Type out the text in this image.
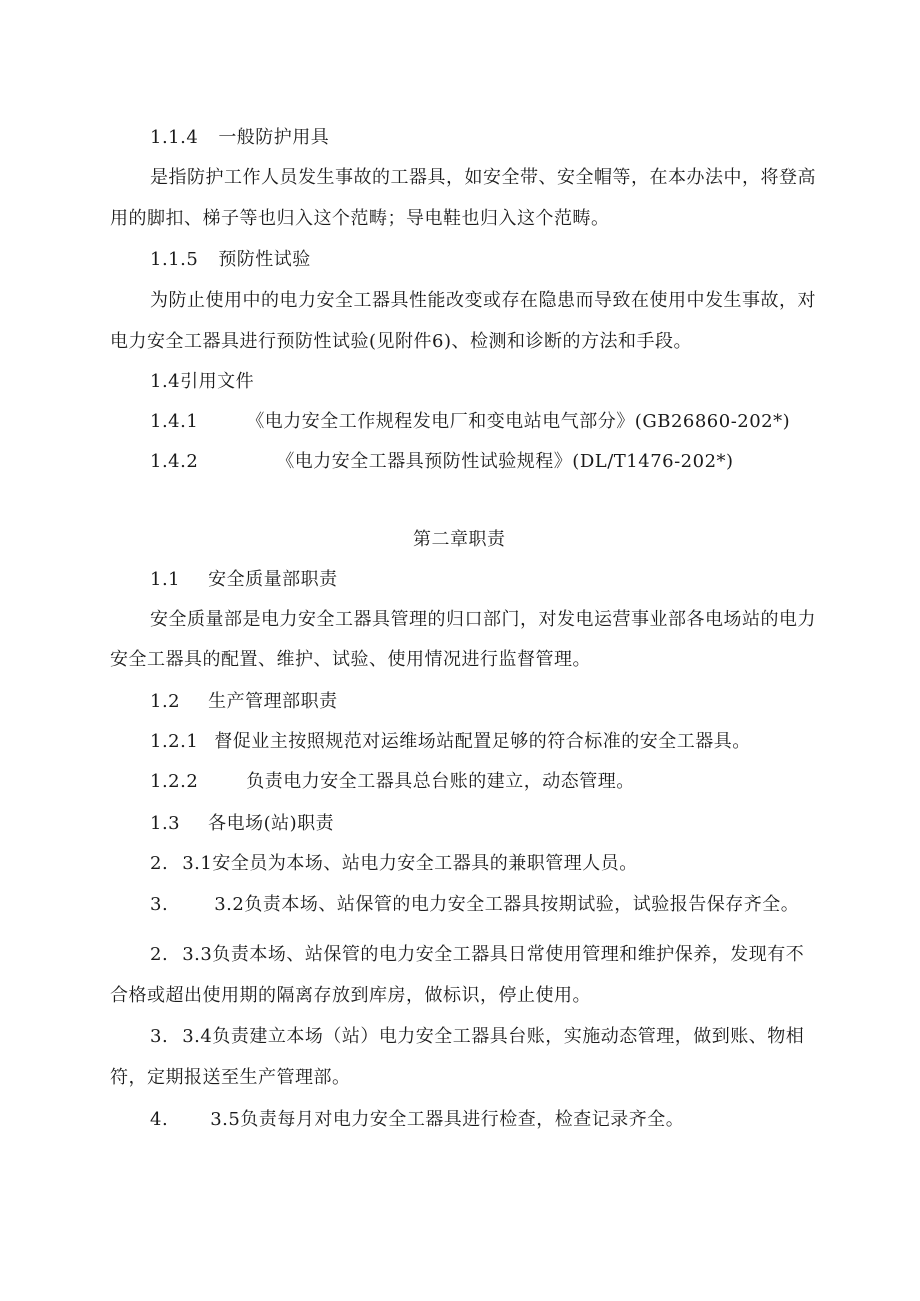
1.1.4 一般防护用具
是指防护工作人员发生事故的工器具，如安全带、安全帽等，在本办法中，将登高
用的脚扣、梯子等也归入这个范畴；导电鞋也归入这个范畴。
1.1.5 预防性试验
为防止使用中的电力安全工器具性能改变或存在隐患而导致在使用中发生事故，对
电力安全工器具进行预防性试验(见附件6)、检测和诊断的方法和手段。
1.4引用文件
1.4.1	《电力安全工作规程发电厂和变电站电气部分》(GB26860-202*)
1.4.2	《电力安全工器具预防性试验规程》(DL/T1476-202*)
第二章职责
1.1 安全质量部职责
安全质量部是电力安全工器具管理的归口部门，对发电运营事业部各电场站的电力
安全工器具的配置、维护、试验、使用情况进行监督管理。
1.2 生产管理部职责
1.2.1 督促业主按照规范对运维场站配置足够的符合标准的安全工器具。
1.2.2	负责电力安全工器具总台账的建立，动态管理。
1.3 各电场(站)职责
2. 3.1安全员为本场、站电力安全工器具的兼职管理人员。
3.	3.2负责本场、站保管的电力安全工器具按期试验，试验报告保存齐全。
2. 3.3负责本场、站保管的电力安全工器具日常使用管理和维护保养，发现有不
合格或超出使用期的隔离存放到库房，做标识，停止使用。
3. 3.4负责建立本场（站）电力安全工器具台账，实施动态管理，做到账、物相
符，定期报送至生产管理部。
4. 3.5负责每月对电力安全工器具进行检查，检查记录齐全。
